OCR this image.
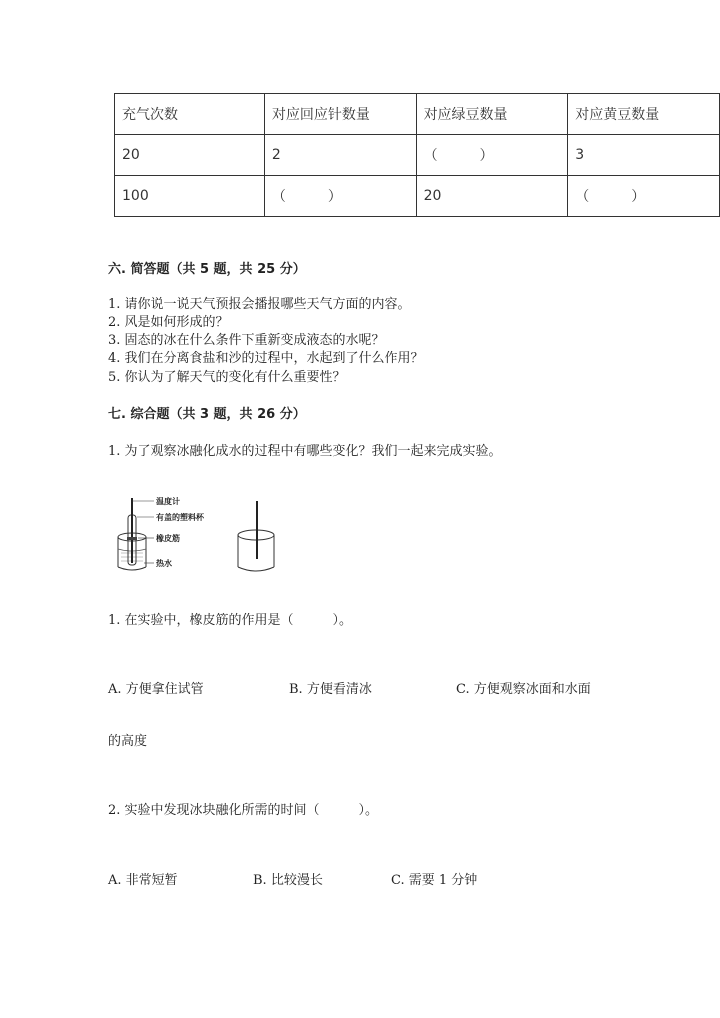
充气次数	对应回应针数量	对应绿豆数量	对应黄豆数量
20	2	（　　　）	3
100	（　　　）	20	（　　　）
六. 简答题（共 5 题，共 25 分）
1. 请你说一说天气预报会播报哪些天气方面的内容。
2. 风是如何形成的？
3. 固态的冰在什么条件下重新变成液态的水呢？
4. 我们在分离食盐和沙的过程中，水起到了什么作用？
5. 你认为了解天气的变化有什么重要性？
七. 综合题（共 3 题，共 26 分）
1. 为了观察冰融化成水的过程中有哪些变化？我们一起来完成实验。
温度计
有盖的塑料杯
橡皮筋
热水
1. 在实验中，橡皮筋的作用是（　　　）。
A. 方便拿住试管	B. 方便看清冰	C. 方便观察冰面和水面
的高度
2. 实验中发现冰块融化所需的时间（　　　）。
A. 非常短暂	B. 比较漫长	C. 需要 1 分钟
